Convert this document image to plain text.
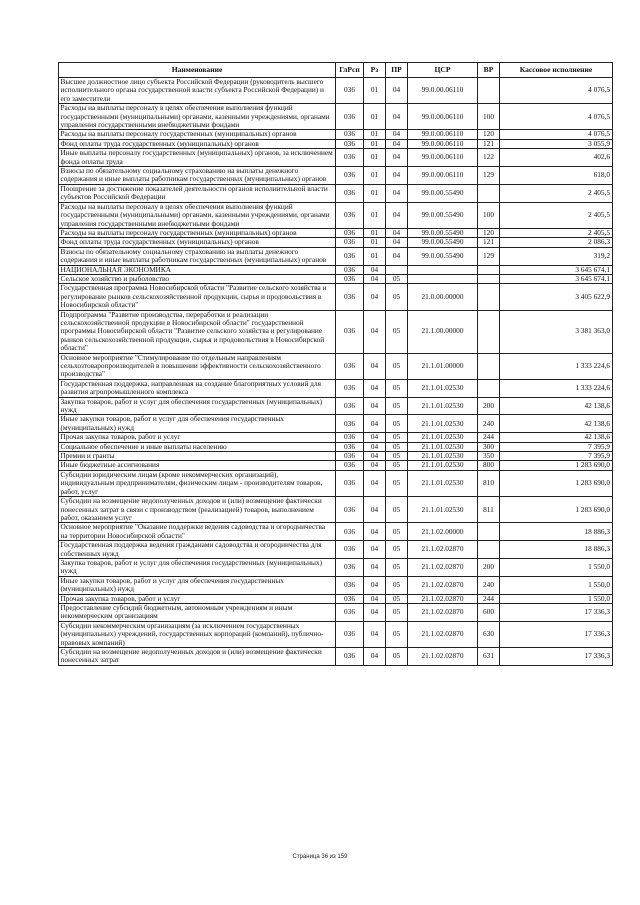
Наименование	ГлРсп	Рз	ПР	ЦСР	ВР	Кассовое исполнение
Высшее должностное лицо субъекта Российской Федерации (руководитель высшего исполнительного органа государственной власти субъекта Российской Федерации) и его заместители	036	01	04	99.0.00.06110		4 076,5
Расходы на выплаты персоналу в целях обеспечения выполнения функций государственными (муниципальными) органами, казенными учреждениями, органами управления государственными внебюджетными фондами	036	01	04	99.0.00.06110	100	4 076,5
Расходы на выплаты персоналу государственных (муниципальных) органов	036	01	04	99.0.00.06110	120	4 076,5
Фонд оплаты труда государственных (муниципальных) органов	036	01	04	99.0.00.06110	121	3 055,9
Иные выплаты персоналу государственных (муниципальных) органов, за исключением фонда оплаты труда	036	01	04	99.0.00.06110	122	402,6
Взносы по обязательному социальному страхованию на выплаты денежного содержания и иные выплаты работникам государственных (муниципальных) органов	036	01	04	99.0.00.06110	129	618,0
Поощрение за достижение показателей деятельности органов исполнительной власти субъектов Российской Федерации	036	01	04	99.0.00.55490		2 405,5
Расходы на выплаты персоналу в целях обеспечения выполнения функций государственными (муниципальными) органами, казенными учреждениями, органами управления государственными внебюджетными фондами	036	01	04	99.0.00.55490	100	2 405,5
Расходы на выплаты персоналу государственных (муниципальных) органов	036	01	04	99.0.00.55490	120	2 405,5
Фонд оплаты труда государственных (муниципальных) органов	036	01	04	99.0.00.55490	121	2 086,3
Взносы по обязательному социальному страхованию на выплаты денежного содержания и иные выплаты работникам государственных (муниципальных) органов	036	01	04	99.0.00.55490	129	319,2
НАЦИОНАЛЬНАЯ ЭКОНОМИКА	036	04				3 645 674,1
Сельское хозяйство и рыболовство	036	04	05			3 645 674,1
Государственная программа Новосибирской области "Развитие сельского хозяйства и регулирование рынков сельскохозяйственной продукции, сырья и продовольствия в Новосибирской области"	036	04	05	21.0.00.00000		3 405 622,9
Подпрограмма "Развитие производства, переработки и реализации сельскохозяйственной продукции в Новосибирской области" государственной программы Новосибирской области "Развитие сельского хозяйства и регулирование рынков сельскохозяйственной продукции, сырья и продовольствия в Новосибирской области"	036	04	05	21.1.00.00000		3 381 363,0
Основное мероприятие "Стимулирование по отдельным направлениям сельхозтоваропроизводителей в повышении эффективности сельскохозяйственного производства"	036	04	05	21.1.01.00000		1 333 224,6
Государственная поддержка, направленная на создание благоприятных условий для развития агропромышленного комплекса	036	04	05	21.1.01.02530		1 333 224,6
Закупка товаров, работ и услуг для обеспечения государственных (муниципальных) нужд	036	04	05	21.1.01.02530	200	42 138,6
Иные закупки товаров, работ и услуг для обеспечения государственных (муниципальных) нужд	036	04	05	21.1.01.02530	240	42 138,6
Прочая закупка товаров, работ и услуг	036	04	05	21.1.01.02530	244	42 138,6
Социальное обеспечение и иные выплаты населению	036	04	05	21.1.01.02530	300	7 395,9
Премии и гранты	036	04	05	21.1.01.02530	350	7 395,9
Иные бюджетные ассигнования	036	04	05	21.1.01.02530	800	1 283 690,0
Субсидии юридическим лицам (кроме некоммерческих организаций), индивидуальным предпринимателям, физическим лицам - производителям товаров, работ, услуг	036	04	05	21.1.01.02530	810	1 283 690,0
Субсидии на возмещение недополученных доходов и (или) возмещение фактически понесенных затрат в связи с производством (реализацией) товаров, выполнением работ, оказанием услуг	036	04	05	21.1.01.02530	811	1 283 690,0
Основное мероприятие "Оказание поддержки ведения садоводства и огородничества на территории Новосибирской области"	036	04	05	21.1.02.00000		18 886,3
Государственная поддержка ведения гражданами садоводства и огородничества для собственных нужд	036	04	05	21.1.02.02870		18 886,3
Закупка товаров, работ и услуг для обеспечения государственных (муниципальных) нужд	036	04	05	21.1.02.02870	200	1 550,0
Иные закупки товаров, работ и услуг для обеспечения государственных (муниципальных) нужд	036	04	05	21.1.02.02870	240	1 550,0
Прочая закупка товаров, работ и услуг	036	04	05	21.1.02.02870	244	1 550,0
Предоставление субсидий бюджетным, автономным учреждениям и иным некоммерческим организациям	036	04	05	21.1.02.02870	600	17 336,3
Субсидии некоммерческим организациям (за исключением государственных (муниципальных) учреждений, государственных корпораций (компаний), публично-правовых компаний)	036	04	05	21.1.02.02870	630	17 336,3
Субсидии на возмещение недополученных доходов и (или) возмещение фактически понесенных затрат	036	04	05	21.1.02.02870	631	17 336,3
Страница 36 из 159
